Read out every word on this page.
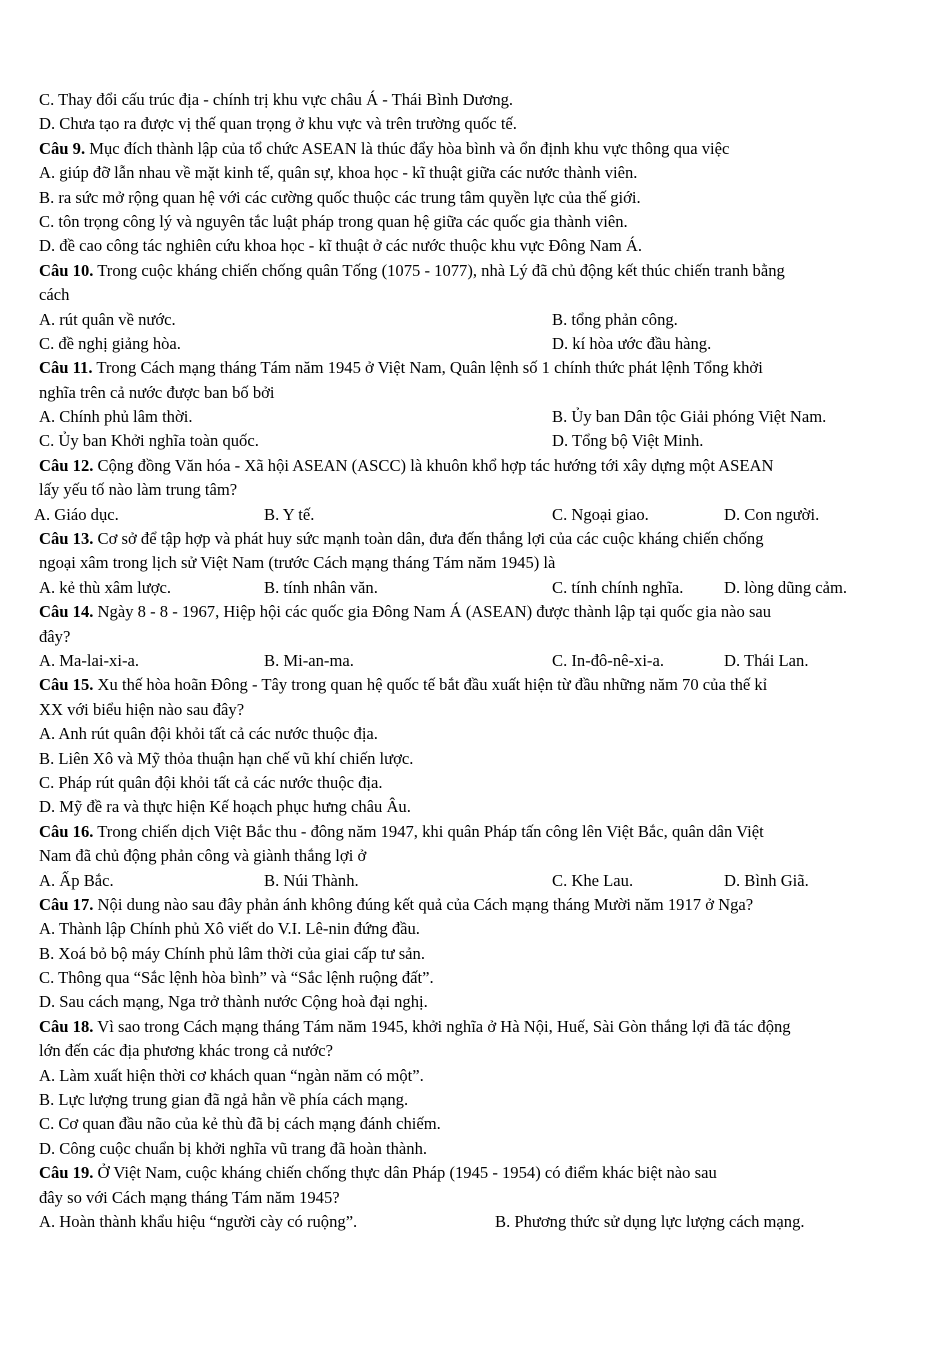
C. Thay đổi cấu trúc địa - chính trị khu vực châu Á - Thái Bình Dương.
D. Chưa tạo ra được vị thế quan trọng ở khu vực và trên trường quốc tế.
Câu 9. Mục đích thành lập của tổ chức ASEAN là thúc đẩy hòa bình và ổn định khu vực thông qua việc
A. giúp đỡ lẫn nhau về mặt kinh tế, quân sự, khoa học - kĩ thuật giữa các nước thành viên.
B. ra sức mở rộng quan hệ với các cường quốc thuộc các trung tâm quyền lực của thế giới.
C. tôn trọng công lý và nguyên tắc luật pháp trong quan hệ giữa các quốc gia thành viên.
D. đề cao công tác nghiên cứu khoa học - kĩ thuật ở các nước thuộc khu vực Đông Nam Á.
Câu 10. Trong cuộc kháng chiến chống quân Tống (1075 - 1077), nhà Lý đã chủ động kết thúc chiến tranh bằng
cách
A. rút quân về nước.	B. tổng phản công.
C. đề nghị giảng hòa.	D. kí hòa ước đầu hàng.
Câu 11. Trong Cách mạng tháng Tám năm 1945 ở Việt Nam, Quân lệnh số 1 chính thức phát lệnh Tổng khởi
nghĩa trên cả nước được ban bố bởi
A. Chính phủ lâm thời.	B. Ủy ban Dân tộc Giải phóng Việt Nam.
C. Ủy ban Khởi nghĩa toàn quốc.	D. Tổng bộ Việt Minh.
Câu 12. Cộng đồng Văn hóa - Xã hội ASEAN (ASCC) là khuôn khổ hợp tác hướng tới xây dựng một ASEAN
lấy yếu tố nào làm trung tâm?
A. Giáo dục.	B. Y tế.	C. Ngoại giao.	D. Con người.
Câu 13. Cơ sở để tập hợp và phát huy sức mạnh toàn dân, đưa đến thắng lợi của các cuộc kháng chiến chống
ngoại xâm trong lịch sử Việt Nam (trước Cách mạng tháng Tám năm 1945) là
A. kẻ thù xâm lược.	B. tính nhân văn.	C. tính chính nghĩa. D. lòng dũng cảm.
Câu 14. Ngày 8 - 8 - 1967, Hiệp hội các quốc gia Đông Nam Á (ASEAN) được thành lập tại quốc gia nào sau
đây?
A. Ma-lai-xi-a.	B. Mi-an-ma.	C. In-đô-nê-xi-a.	D. Thái Lan.
Câu 15. Xu thế hòa hoãn Đông - Tây trong quan hệ quốc tế bắt đầu xuất hiện từ đầu những năm 70 của thế kỉ
XX với biểu hiện nào sau đây?
A. Anh rút quân đội khỏi tất cả các nước thuộc địa.
B. Liên Xô và Mỹ thỏa thuận hạn chế vũ khí chiến lược.
C. Pháp rút quân đội khỏi tất cả các nước thuộc địa.
D. Mỹ đề ra và thực hiện Kế hoạch phục hưng châu Âu.
Câu 16. Trong chiến dịch Việt Bắc thu - đông năm 1947, khi quân Pháp tấn công lên Việt Bắc, quân dân Việt
Nam đã chủ động phản công và giành thắng lợi ở
A. Ấp Bắc.	B. Núi Thành.	C. Khe Lau.	D. Bình Giã.
Câu 17. Nội dung nào sau đây phản ánh không đúng kết quả của Cách mạng tháng Mười năm 1917 ở Nga?
A. Thành lập Chính phủ Xô viết do V.I. Lê-nin đứng đầu.
B. Xoá bỏ bộ máy Chính phủ lâm thời của giai cấp tư sản.
C. Thông qua “Sắc lệnh hòa bình” và “Sắc lệnh ruộng đất”.
D. Sau cách mạng, Nga trở thành nước Cộng hoà đại nghị.
Câu 18. Vì sao trong Cách mạng tháng Tám năm 1945, khởi nghĩa ở Hà Nội, Huế, Sài Gòn thắng lợi đã tác động
lớn đến các địa phương khác trong cả nước?
A. Làm xuất hiện thời cơ khách quan “ngàn năm có một”.
B. Lực lượng trung gian đã ngả hẳn về phía cách mạng.
C. Cơ quan đầu não của kẻ thù đã bị cách mạng đánh chiếm.
D. Công cuộc chuẩn bị khởi nghĩa vũ trang đã hoàn thành.
Câu 19. Ở Việt Nam, cuộc kháng chiến chống thực dân Pháp (1945 - 1954) có điểm khác biệt nào sau
đây so với Cách mạng tháng Tám năm 1945?
A. Hoàn thành khẩu hiệu “người cày có ruộng”.	B. Phương thức sử dụng lực lượng cách mạng.
